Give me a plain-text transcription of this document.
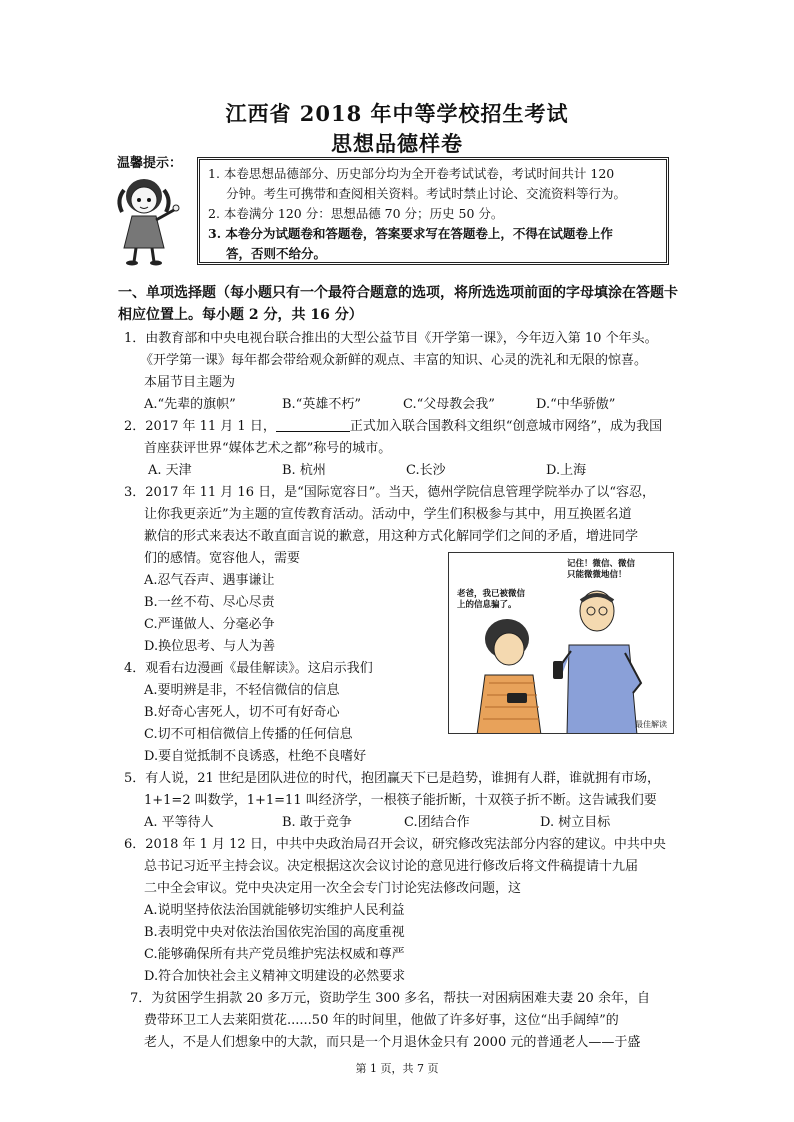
江西省 2018 年中等学校招生考试
思想品德样卷
温馨提示：
1. 本卷思想品德部分、历史部分均为全开卷考试试卷，考试时间共计 120
分钟。考生可携带和查阅相关资料。考试时禁止讨论、交流资料等行为。
2. 本卷满分 120 分：思想品德 70 分；历史 50 分。
3. 本卷分为试题卷和答题卷，答案要求写在答题卷上，不得在试题卷上作
答，否则不给分。
一、单项选择题（每小题只有一个最符合题意的选项，将所选选项前面的字母填涂在答题卡
相应位置上。每小题 2 分，共 16 分）
1．由教育部和中央电视台联合推出的大型公益节目《开学第一课》，今年迈入第 10 个年头。
《开学第一课》每年都会带给观众新鲜的观点、丰富的知识、心灵的洗礼和无限的惊喜。
本届节目主题为
A.“先辈的旗帜”	B.“英雄不朽”	C.“父母教会我”	D.“中华骄傲”
2．2017 年 11 月 1 日，	正式加入联合国教科文组织“创意城市网络”，成为我国
首座获评世界“媒体艺术之都”称号的城市。
A. 天津	B. 杭州	C.长沙	D.上海
3．2017 年 11 月 16 日，是“国际宽容日”。当天，德州学院信息管理学院举办了以“容忍，
让你我更亲近”为主题的宣传教育活动。活动中，学生们积极参与其中，用互换匿名道
歉信的形式来表达不敢直面言说的歉意，用这种方式化解同学们之间的矛盾，增进同学
们的感情。宽容他人，需要
A.忍气吞声、遇事谦让
B.一丝不苟、尽心尽责
C.严谨做人、分毫必争
D.换位思考、与人为善
老爸，我已被微信
上的信息骗了。
记住！微信、微信
只能微微地信！
最佳解读
4．观看右边漫画《最佳解读》。这启示我们
A.要明辨是非，不轻信微信的信息
B.好奇心害死人，切不可有好奇心
C.切不可相信微信上传播的任何信息
D.要自觉抵制不良诱惑，杜绝不良嗜好
5．有人说，21 世纪是团队进位的时代，抱团赢天下已是趋势，谁拥有人群，谁就拥有市场，
1+1=2 叫数学，1+1=11 叫经济学，一根筷子能折断，十双筷子折不断。这告诫我们要
A. 平等待人	B. 敢于竞争	C.团结合作	D. 树立目标
6．2018 年 1 月 12 日，中共中央政治局召开会议，研究修改宪法部分内容的建议。中共中央
总书记习近平主持会议。决定根据这次会议讨论的意见进行修改后将文件稿提请十九届
二中全会审议。党中央决定用一次全会专门讨论宪法修改问题，这
A.说明坚持依法治国就能够切实维护人民利益
B.表明党中央对依法治国依宪治国的高度重视
C.能够确保所有共产党员维护宪法权威和尊严
D.符合加快社会主义精神文明建设的必然要求
7．为贫困学生捐款 20 多万元，资助学生 300 多名，帮扶一对困病困难夫妻 20 余年，自
费带环卫工人去莱阳赏花......50 年的时间里，他做了许多好事，这位“出手阔绰”的
老人，不是人们想象中的大款，而只是一个月退休金只有 2000 元的普通老人——于盛
第 1 页，共 7 页
